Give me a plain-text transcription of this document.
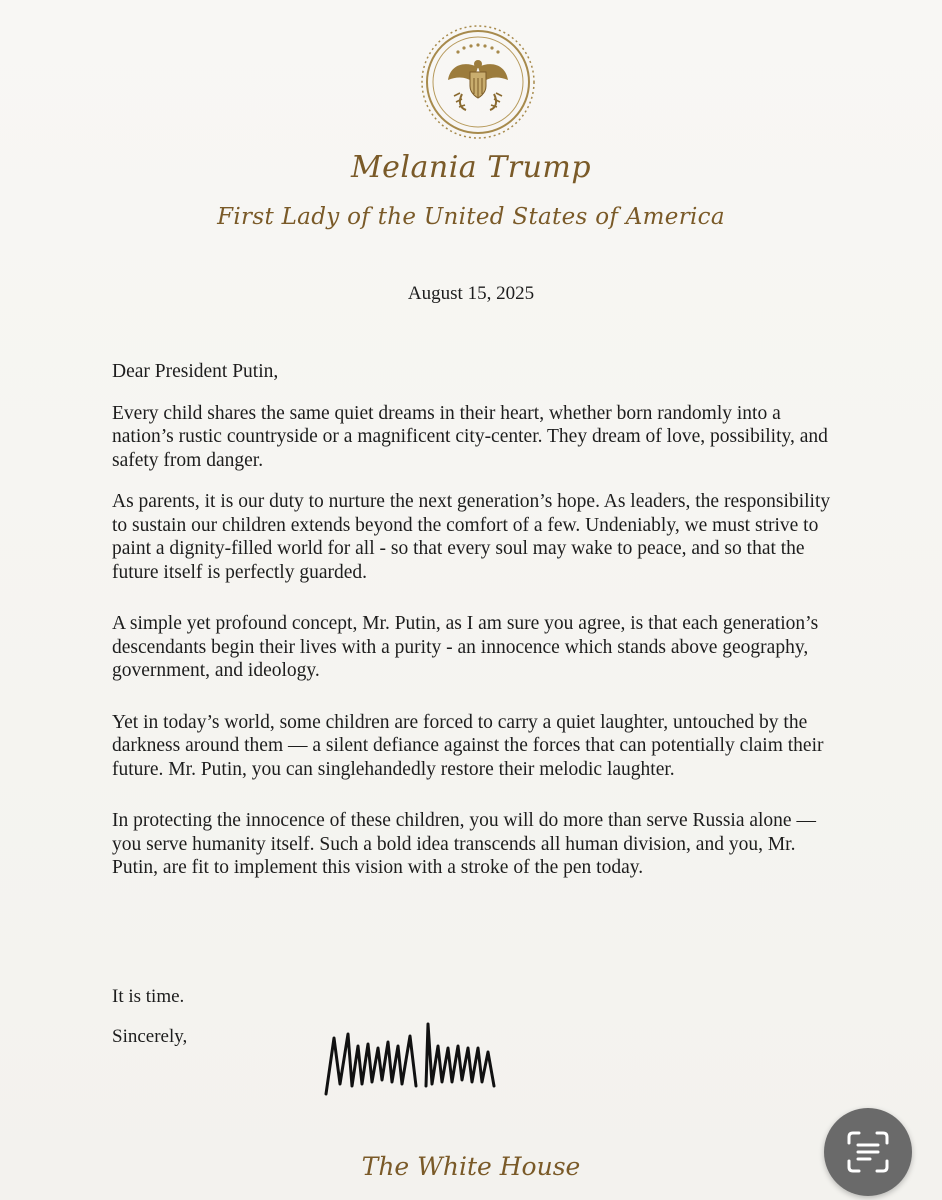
Melania Trump
First Lady of the United States of America
August 15, 2025

Dear President Putin,

Every child shares the same quiet dreams in their heart, whether born randomly into a nation’s rustic countryside or a magnificent city-center. They dream of love, possibility, and safety from danger.

As parents, it is our duty to nurture the next generation’s hope. As leaders, the responsibility to sustain our children extends beyond the comfort of a few. Undeniably, we must strive to paint a dignity-filled world for all - so that every soul may wake to peace, and so that the future itself is perfectly guarded.

A simple yet profound concept, Mr. Putin, as I am sure you agree, is that each generation’s descendants begin their lives with a purity - an innocence which stands above geography, government, and ideology.

Yet in today’s world, some children are forced to carry a quiet laughter, untouched by the darkness around them — a silent defiance against the forces that can potentially claim their future. Mr. Putin, you can singlehandedly restore their melodic laughter.

In protecting the innocence of these children, you will do more than serve Russia alone — you serve humanity itself. Such a bold idea transcends all human division, and you, Mr. Putin, are fit to implement this vision with a stroke of the pen today.

It is time.
Sincerely,
The White House
